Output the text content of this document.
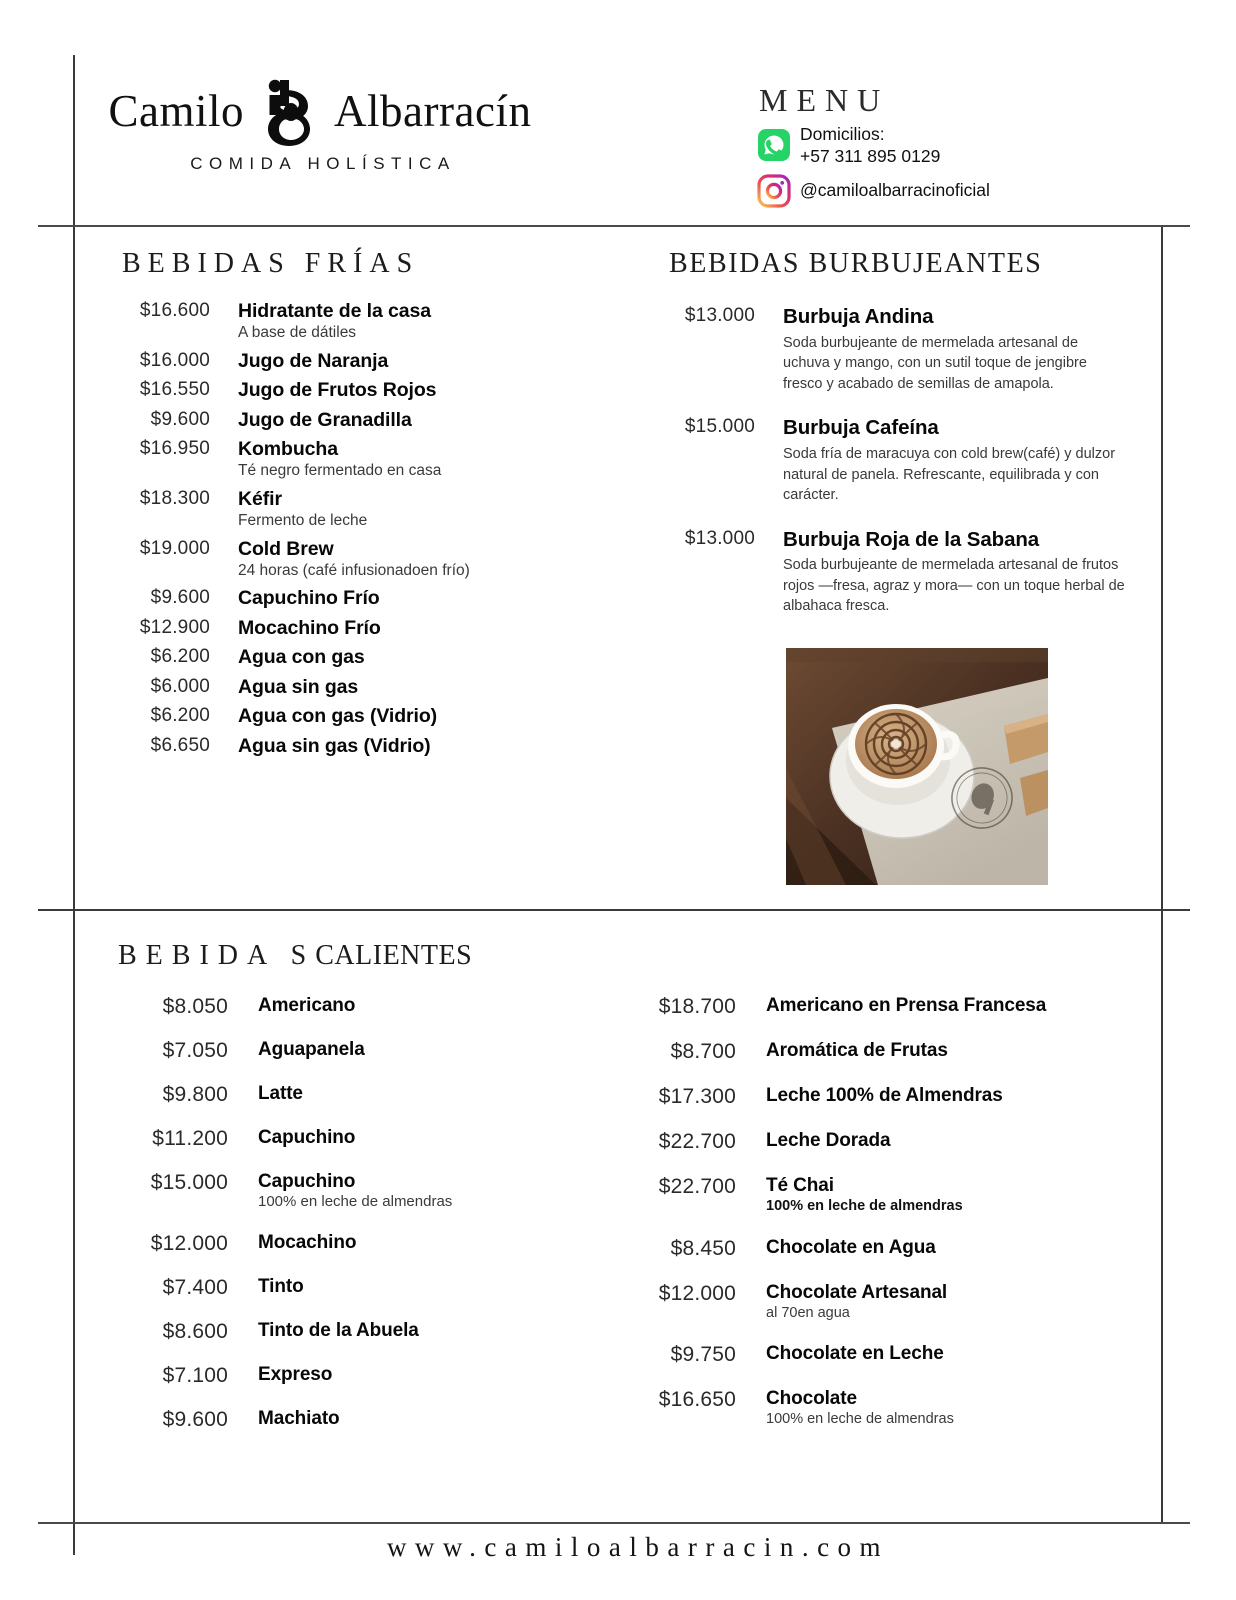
Camilo Albarracín
COMIDA HOLÍSTICA
MENU
Domicilios:
+57 311 895 0129
@camiloalbarracinoficial
BEBIDAS FRÍAS
$16.600 Hidratante de la casa
A base de dátiles
$16.000 Jugo de Naranja
$16.550 Jugo de Frutos Rojos
$9.600 Jugo de Granadilla
$16.950 Kombucha
Té negro fermentado en casa
$18.300 Kéfir
Fermento de leche
$19.000 Cold Brew
24 horas (café infusionadoen frío)
$9.600 Capuchino Frío
$12.900 Mocachino Frío
$6.200 Agua con gas
$6.000 Agua sin gas
$6.200 Agua con gas (Vidrio)
$6.650 Agua sin gas (Vidrio)
BEBIDAS BURBUJEANTES
$13.000 Burbuja Andina
Soda burbujeante de mermelada artesanal de uchuva y mango, con un sutil toque de jengibre fresco y acabado de semillas de amapola.
$15.000 Burbuja Cafeína
Soda fría de maracuya con cold brew(café) y dulzor natural de panela. Refrescante, equilibrada y con carácter.
$13.000 Burbuja Roja de la Sabana
Soda burbujeante de mermelada artesanal de frutos rojos —fresa, agraz y mora— con un toque herbal de albahaca fresca.
BEBIDA SCALIENTES
$8.050 Americano
$7.050 Aguapanela
$9.800 Latte
$11.200 Capuchino
$15.000 Capuchino
100% en leche de almendras
$12.000 Mocachino
$7.400 Tinto
$8.600 Tinto de la Abuela
$7.100 Expreso
$9.600 Machiato
$18.700 Americano en Prensa Francesa
$8.700 Aromática de Frutas
$17.300 Leche 100% de Almendras
$22.700 Leche Dorada
$22.700 Té Chai
100% en leche de almendras
$8.450 Chocolate en Agua
$12.000 Chocolate Artesanal
al 70en agua
$9.750 Chocolate en Leche
$16.650 Chocolate
100% en leche de almendras
www.camiloalbarracin.com
